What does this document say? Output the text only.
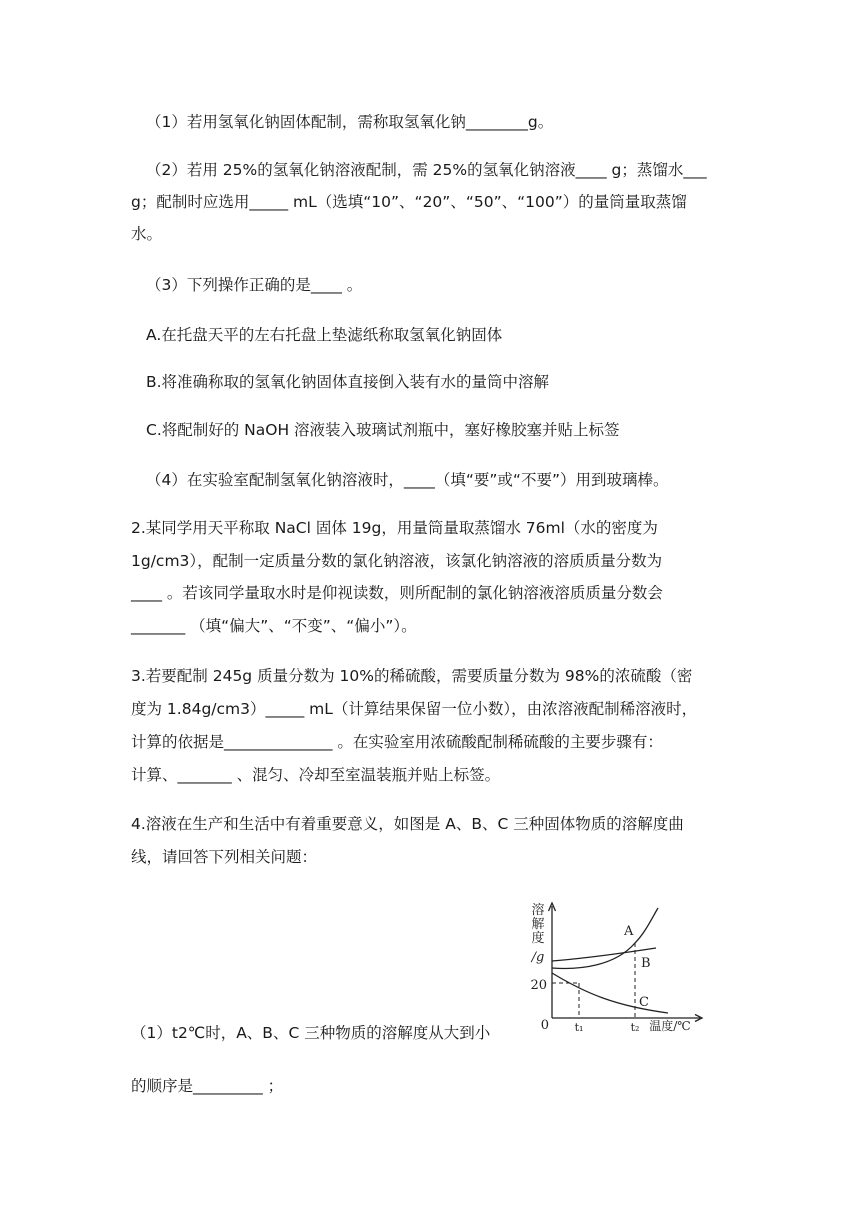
（1）若用氢氧化钠固体配制，需称取氢氧化钠________g。
（2）若用 25%的氢氧化钠溶液配制，需 25%的氢氧化钠溶液____ g；蒸馏水___
g；配制时应选用_____ mL（选填“10”、“20”、“50”、“100”）的量筒量取蒸馏
水。
（3）下列操作正确的是____ 。
A.在托盘天平的左右托盘上垫滤纸称取氢氧化钠固体
B.将准确称取的氢氧化钠固体直接倒入装有水的量筒中溶解
C.将配制好的 NaOH 溶液装入玻璃试剂瓶中，塞好橡胶塞并贴上标签
（4）在实验室配制氢氧化钠溶液时，____（填“要”或“不要”）用到玻璃棒。
2.某同学用天平称取 NaCl 固体 19g，用量筒量取蒸馏水 76ml（水的密度为
1g/cm3），配制一定质量分数的氯化钠溶液，该氯化钠溶液的溶质质量分数为
____ 。若该同学量取水时是仰视读数，则所配制的氯化钠溶液溶质质量分数会
_______ （填“偏大”、“不变”、“偏小”）。
3.若要配制 245g 质量分数为 10%的稀硫酸，需要质量分数为 98%的浓硫酸（密
度为 1.84g/cm3）_____ mL（计算结果保留一位小数），由浓溶液配制稀溶液时，
计算的依据是______________ 。在实验室用浓硫酸配制稀硫酸的主要步骤有：
计算、_______ 、混匀、冷却至室温装瓶并贴上标签。
4.溶液在生产和生活中有着重要意义，如图是 A、B、C 三种固体物质的溶解度曲
线，请回答下列相关问题：
溶
解
度
/g
20
0 t₁	t₂ 温度/℃
A
B
C
（1）t2℃时，A、B、C 三种物质的溶解度从大到小
的顺序是_________ ；
